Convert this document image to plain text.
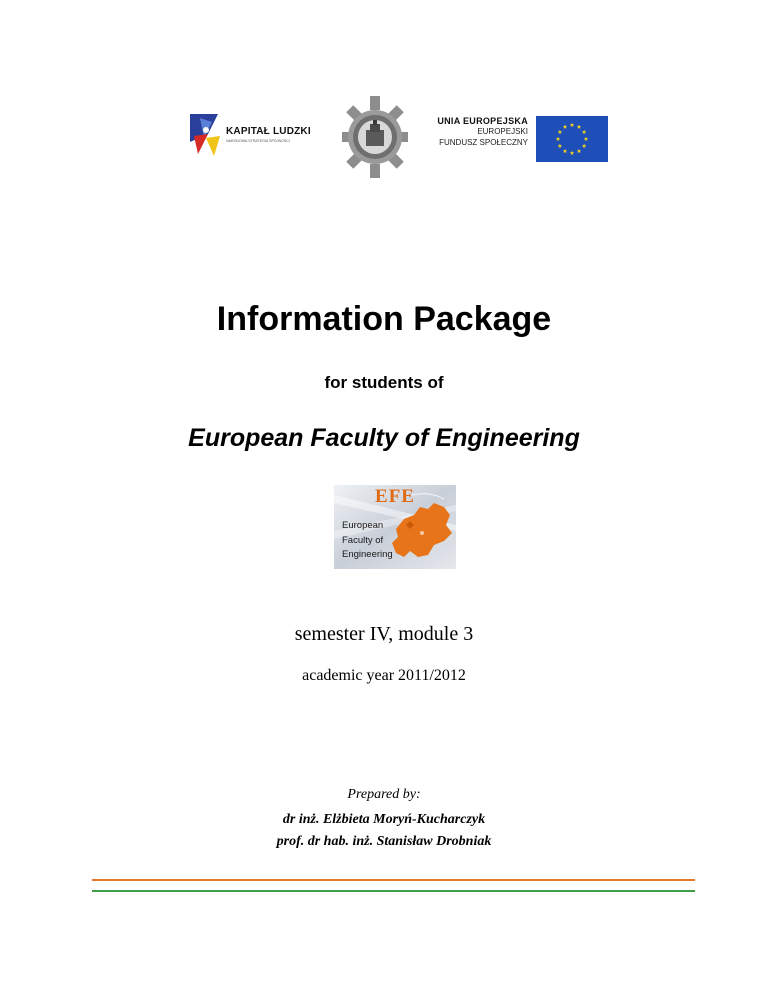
KAPITAŁ LUDZKI
NARODOWA STRATEGIA SPÓJNOŚCI
UNIA EUROPEJSKA
EUROPEJSKI
FUNDUSZ SPOŁECZNY
Information Package
for students of
European Faculty of Engineering
EFE
European
Faculty of
Engineering
semester IV, module 3
academic year 2011/2012
Prepared by:
dr inż. Elżbieta Moryń-Kucharczyk
prof. dr hab. inż. Stanisław Drobniak
